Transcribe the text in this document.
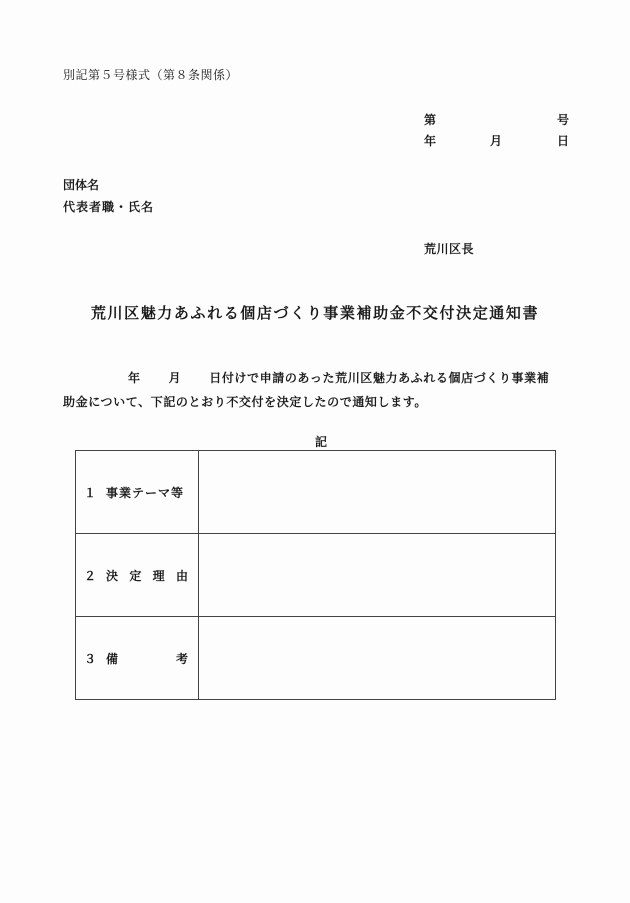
別記第５号様式（第８条関係）
第	号
年	月	日
団体名
代表者職・氏名
荒川区長
荒川区魅力あふれる個店づくり事業補助金不交付決定通知書
年 月 日付けで申請のあった荒川区魅力あふれる個店づくり事業補
助金について、下記のとおり不交付を決定したので通知します。
記
１ 事業テーマ等	

２ 決 定 理 由	

３ 備 考	
